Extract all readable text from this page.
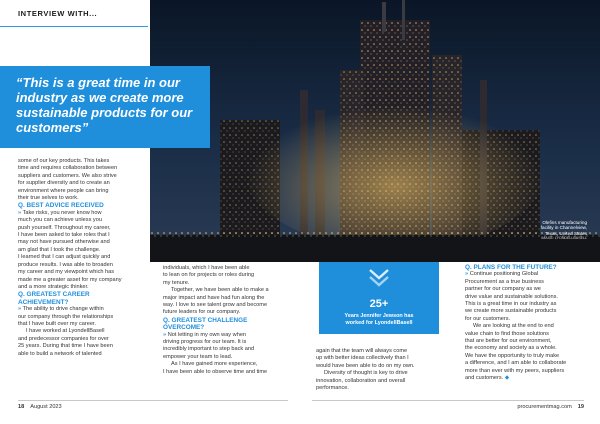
INTERVIEW WITH...
“This is a great time in our industry as we create more sustainable products for our customers”

some of our key products. This takes

time and requires collaboration between

suppliers and customers. We also strive

for supplier diversity and to create an

environment where people can bring

their true selves to work.

Q. BEST ADVICE RECEIVED

» Take risks, you never know how

much you can achieve unless you

push yourself. Throughout my career,

I have been asked to take roles that I

may not have pursued otherwise and

am glad that I took the challenge.

I learned that I can adjust quickly and

produce results. I was able to broaden

my career and my viewpoint which has

made me a greater asset for my company

and a more strategic thinker.

Q. GREATEST CAREER

ACHIEVEMENT?

» The ability to drive change within

our company through the relationships

that I have built over my career.

I have worked at LyondellBasell

and predecessor companies for over

25 years. During that time I have been

able to build a network of talented

individuals, which I have been able

to lean on for projects or roles during

my tenure.

Together, we have been able to make a

major impact and have had fun along the

way. I love to see talent grow and become

future leaders for our company.

Q. GREATEST CHALLENGE

OVERCOME?

» Not letting in my own way when

driving progress for our team. It is

incredibly important to step back and

empower your team to lead.

As I have gained more experience,

I have been able to observe time and time

25+
Years Jennifer Jewson has
worked for LyondellBasell

again that the team will always come

up with better ideas collectively than I

would have been able to do on my own.

Diversity of thought is key to drive

innovation, collaboration and overall

performance.

Olefins manufacturing
facility in Channelview,
Texas, United States
IMAGE: LYONDELLBASELL

Q. PLANS FOR THE FUTURE?

» Continue positioning Global

Procurement as a true business

partner for our company as we

drive value and sustainable solutions.

This is a great time in our industry as

we create more sustainable products

for our customers.

We are looking at the end to end

value chain to find those solutions

that are better for our environment,

the economy and society as a whole.

We have the opportunity to truly make

a difference, and I am able to collaborate

more than ever with my peers, suppliers

and customers. ◆

18 August 2023	procurementmag.com 19
